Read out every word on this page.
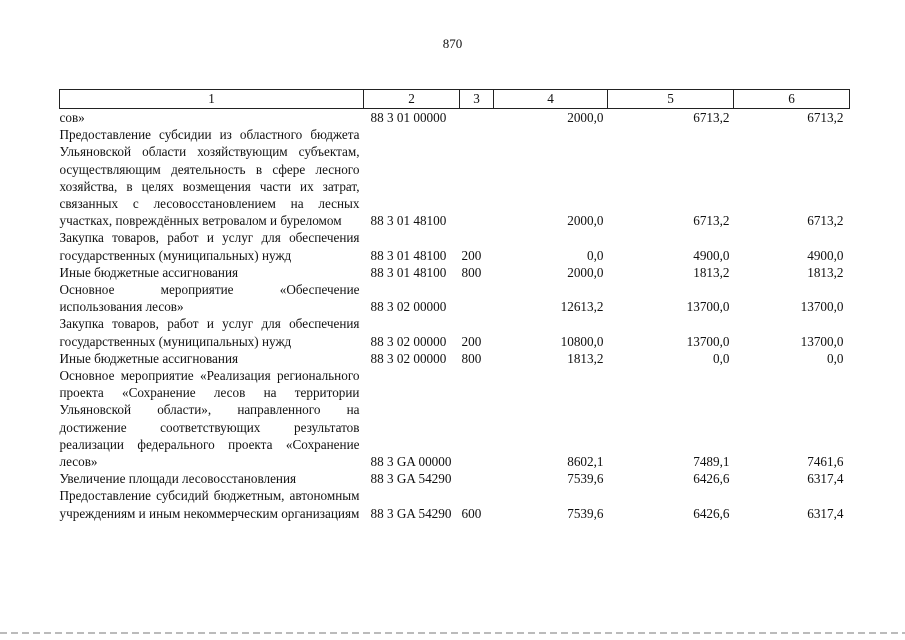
870
1	2	3	4	5	6
сов»	88 3 01 00000		2000,0	6713,2	6713,2
Предоставление субсидии из областного бюджета Ульяновской области хозяйствующим субъектам, осуществляющим деятельность в сфере лесного хозяйства, в целях возмещения части их затрат, связанных с лесовосстановлением на лесных участках, повреждённых ветровалом и буреломом	88 3 01 48100		2000,0	6713,2	6713,2
Закупка товаров, работ и услуг для обеспечения государственных (муниципальных) нужд	88 3 01 48100	200	0,0	4900,0	4900,0
Иные бюджетные ассигнования	88 3 01 48100	800	2000,0	1813,2	1813,2
Основное мероприятие «Обеспечение использования лесов»	88 3 02 00000		12613,2	13700,0	13700,0
Закупка товаров, работ и услуг для обеспечения государственных (муниципальных) нужд	88 3 02 00000	200	10800,0	13700,0	13700,0
Иные бюджетные ассигнования	88 3 02 00000	800	1813,2	0,0	0,0
Основное мероприятие «Реализация регионального проекта «Сохранение лесов на территории Ульяновской области», направленного на достижение соответствующих результатов реализации федерального проекта «Сохранение лесов»	88 3 GA 00000		8602,1	7489,1	7461,6
Увеличение площади лесовосстановления	88 3 GA 54290		7539,6	6426,6	6317,4
Предоставление субсидий бюджетным, автономным учреждениям и иным некоммерческим организациям	88 3 GA 54290	600	7539,6	6426,6	6317,4
